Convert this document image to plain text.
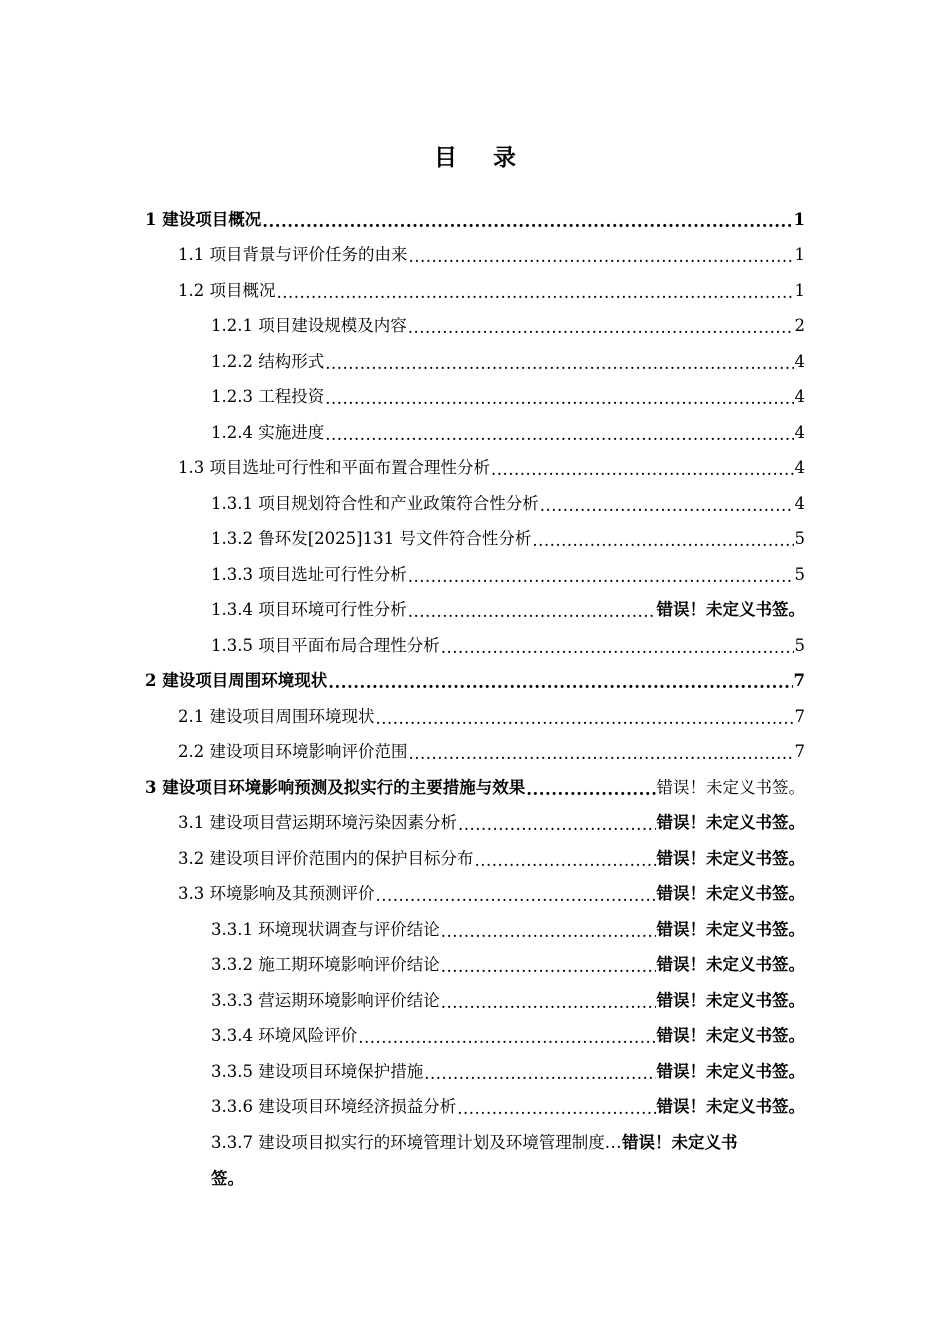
目 录
1 建设项目概况 .....	1
1.1 项目背景与评价任务的由来 .....	1
1.2 项目概况 .....	1
1.2.1 项目建设规模及内容 .....	2
1.2.2 结构形式 .....	4
1.2.3 工程投资 .....	4
1.2.4 实施进度 .....	4
1.3 项目选址可行性和平面布置合理性分析 .....	4
1.3.1 项目规划符合性和产业政策符合性分析 .....	4
1.3.2 鲁环发[2025]131 号文件符合性分析 .....	5
1.3.3 项目选址可行性分析 .....	5
1.3.4 项目环境可行性分析 .....	错误！未定义书签。
1.3.5 项目平面布局合理性分析 .....	5
2 建设项目周围环境现状 .....	7
2.1 建设项目周围环境现状 .....	7
2.2 建设项目环境影响评价范围 .....	7
3 建设项目环境影响预测及拟实行的主要措施与效果 .....	错误！未定义书签。
3.1 建设项目营运期环境污染因素分析 .....	错误！未定义书签。
3.2 建设项目评价范围内的保护目标分布 .....	错误！未定义书签。
3.3 环境影响及其预测评价 .....	错误！未定义书签。
3.3.1 环境现状调查与评价结论 .....	错误！未定义书签。
3.3.2 施工期环境影响评价结论 .....	错误！未定义书签。
3.3.3 营运期环境影响评价结论 .....	错误！未定义书签。
3.3.4 环境风险评价 .....	错误！未定义书签。
3.3.5 建设项目环境保护措施 .....	错误！未定义书签。
3.3.6 建设项目环境经济损益分析 .....	错误！未定义书签。
3.3.7 建设项目拟实行的环境管理计划及环境管理制度...错误！未定义书
签。
